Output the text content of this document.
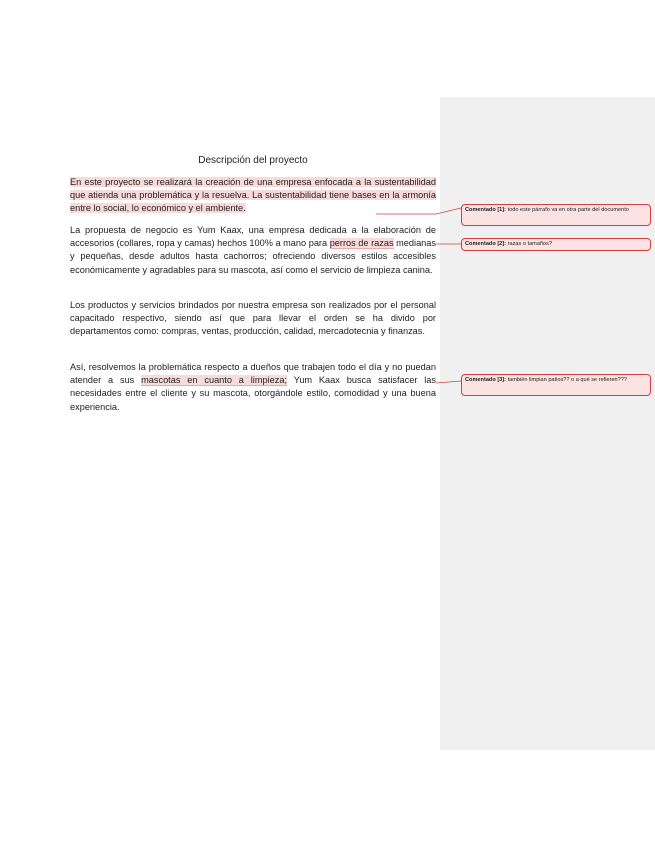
Descripción del proyecto

En este proyecto se realizará la creación de una empresa enfocada a la sustentabilidad que atienda una problemática y la resuelva. La sustentabilidad tiene bases en la armonía entre lo social, lo económico y el ambiente.

La propuesta de negocio es Yum Kaax, una empresa dedicada a la elaboración de accesorios (collares, ropa y camas) hechos 100% a mano para perros de razas medianas y pequeñas, desde adultos hasta cachorros; ofreciendo diversos estilos accesibles económicamente y agradables para su mascota, así como el servicio de limpieza canina.

Los productos y servicios brindados por nuestra empresa son realizados por el personal capacitado respectivo, siendo así que para llevar el orden se ha divido por departamentos como: compras, ventas, producción, calidad, mercadotecnia y finanzas.

Así, resolvemos la problemática respecto a dueños que trabajen todo el día y no puedan atender a sus mascotas en cuanto a limpieza; Yum Kaax busca satisfacer las necesidades entre el cliente y su mascota, otorgándole estilo, comodidad y una buena experiencia.

Comentado [1]: todo este párrafo va en otra parte del documento
Comentado [2]: razas o tamaños?
Comentado [3]: también limpian patios?? o a qué se refieren???
